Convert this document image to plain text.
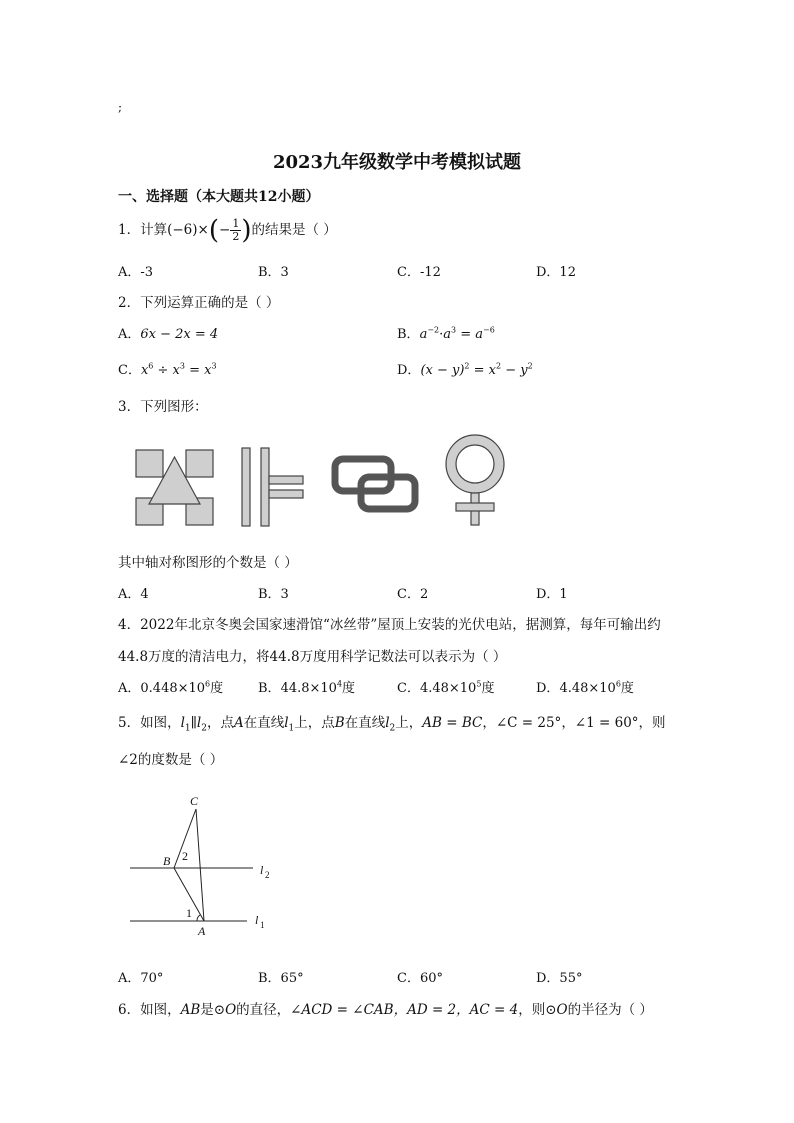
;
2023九年级数学中考模拟试题
一、选择题（本大题共12小题）
1．计算$(-6)\times(- \frac{1}{2}$ )的结果是（ ）
A．-3	B．3	C．-12	D．12
2．下列运算正确的是（ ）
A．6x − 2x = 4	B．$a^{-2}\cdot a^3 = a^{-6}$
C．$x^6 \div x^3 = x^3$	D．$(x - y)^2 = x^2 - y^2$
3．下列图形：
其中轴对称图形的个数是（ ）
A．4	B．3	C．2	D．1
4．2022年北京冬奥会国家速滑馆“冰丝带”屋顶上安装的光伏电站，据测算，每年可输出约
44.8万度的清洁电力，将44.8万度用科学记数法可以表示为（ ）
A．$0.448\times 10^6$度	B．$44.8\times 10^4$度	C．$4.48\times 10^5$度	D．$4.48\times 10^6$度
5．如图，$l_1\parallel l_2$，点A在直线$l_1$上，点B在直线$l_2$上，AB = BC，∠C = 25°，∠1 = 60°，则
∠2的度数是（ ）
C
B 2
1
A
l 2
l 1
A．70°	B．65°	C．60°	D．55°
6．如图，AB是⊙O的直径，∠ACD = ∠CAB，AD = 2，AC = 4，则⊙O的半径为（ ）
